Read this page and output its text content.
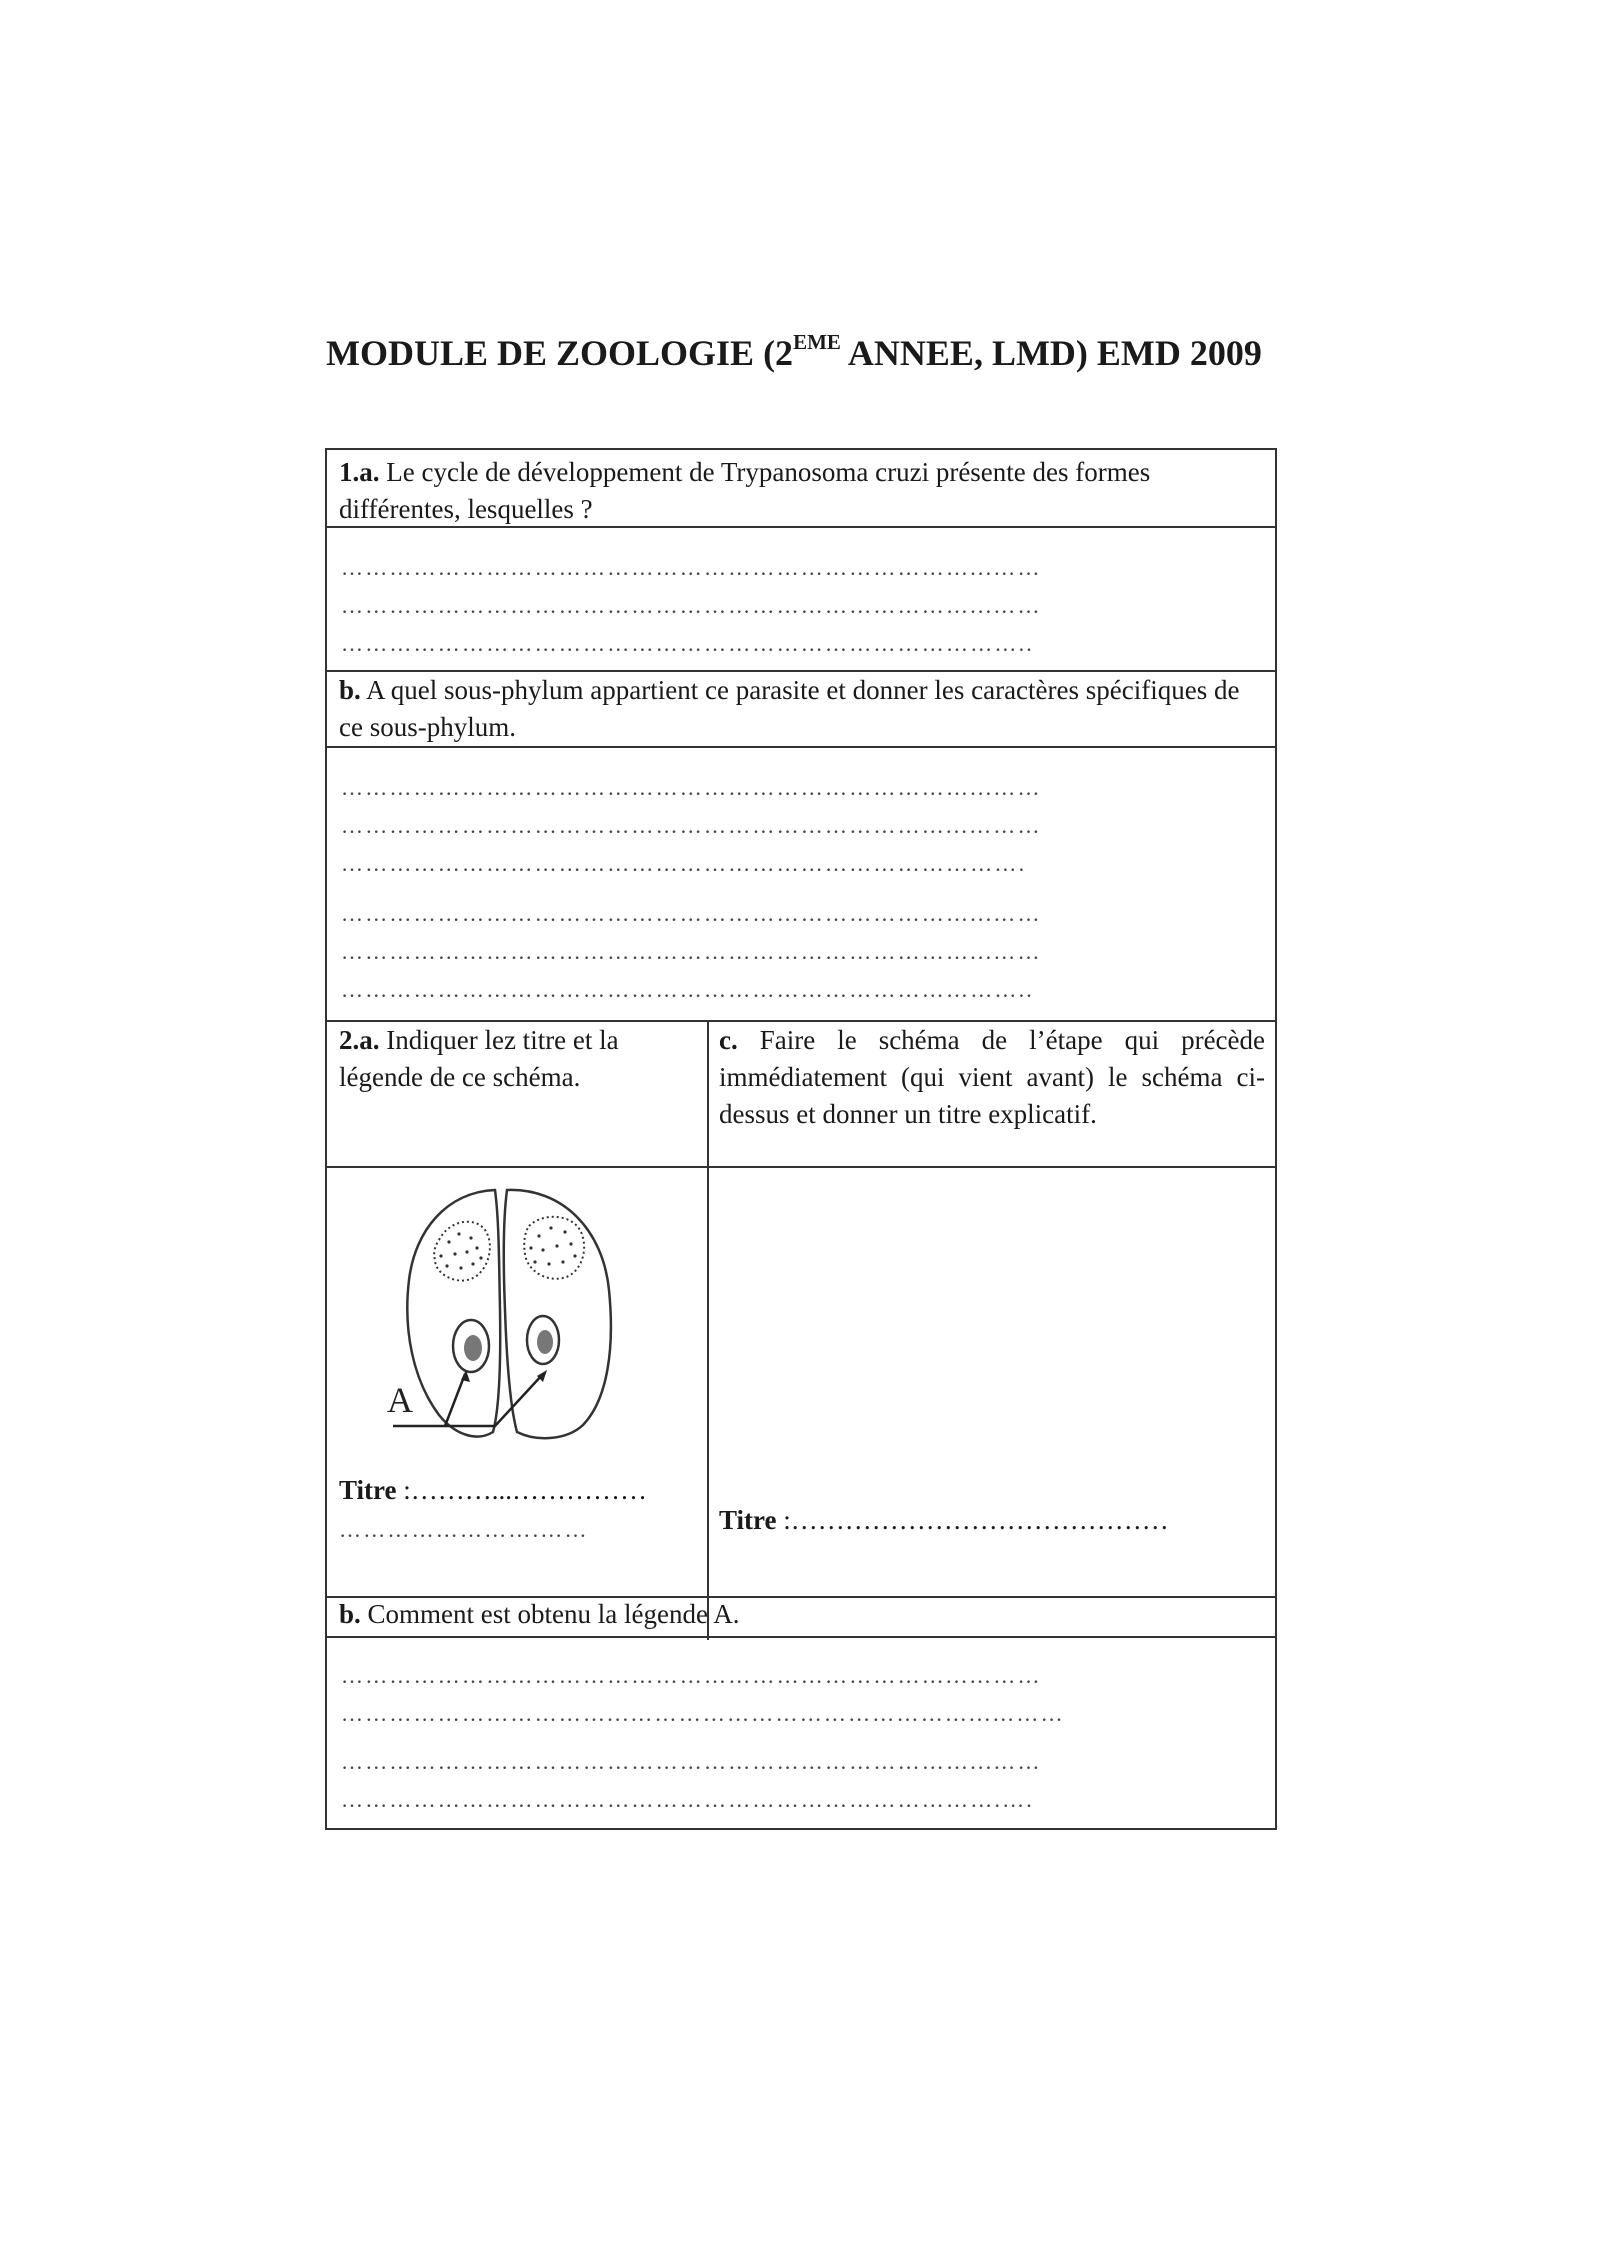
MODULE DE ZOOLOGIE (2EME ANNEE, LMD) EMD 2009
1.a. Le cycle de développement de Trypanosoma cruzi présente des formes différentes, lesquelles ?
……………………………………………………………………...……
……………………………………………………………………...……
…………………………………………………………………………..
b. A quel sous-phylum appartient ce parasite et donner les caractères spécifiques de ce sous-phylum.
……………………………………………………………………...……
…………………………………………………………………...………
………………………………………………………………………….
……………………………………………………………………...……
……………………………………………………………………...……
…………………………………………………………………………..
2.a. Indiquer lez titre et la légende de ce schéma.
c. Faire le schéma de l’étape qui précède immédiatement (qui vient avant) le schéma ci-dessus et donner un titre explicatif.
A
Titre :………...……………
…………………….……	Titre :……………………………………
b. Comment est obtenu la légende A.
…………………………………………………………………...………
……………………………...……………………………………...………
……………………………………………………………………...……
……………………………………………………………………….….
